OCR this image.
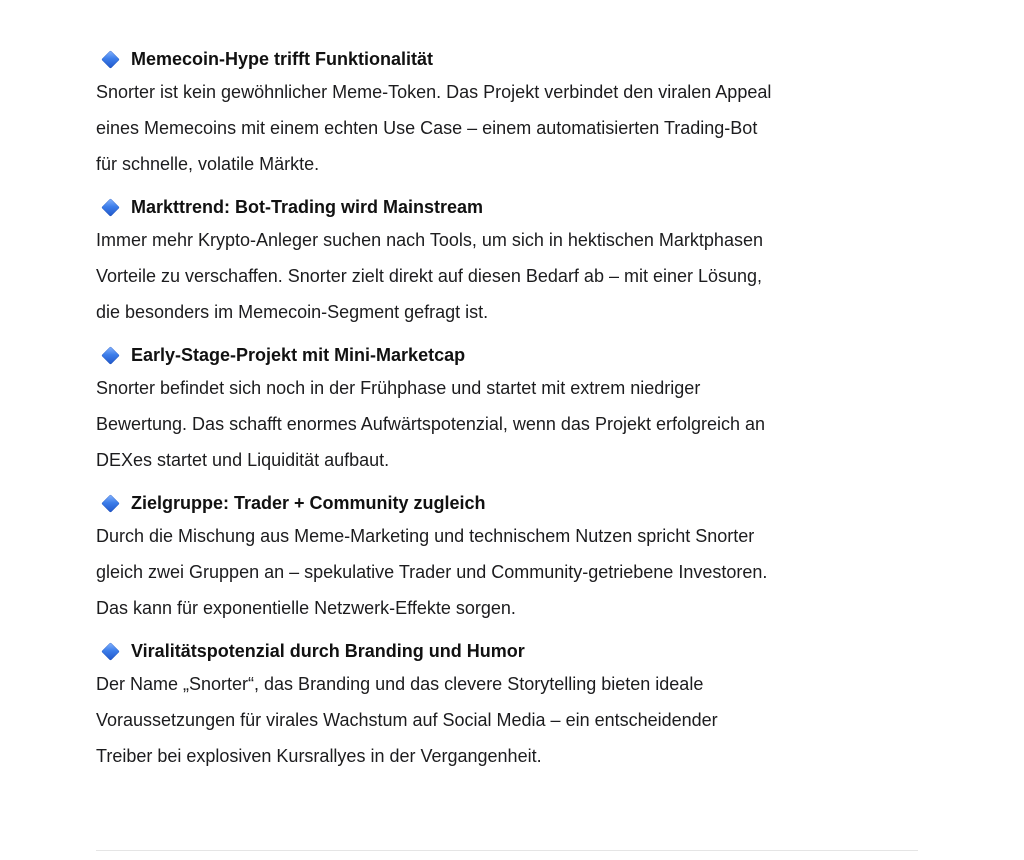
Memecoin-Hype trifft Funktionalität

Snorter ist kein gewöhnlicher Meme-Token. Das Projekt verbindet den viralen Appeal
eines Memecoins mit einem echten Use Case – einem automatisierten Trading-Bot
für schnelle, volatile Märkte.

Markttrend: Bot-Trading wird Mainstream

Immer mehr Krypto-Anleger suchen nach Tools, um sich in hektischen Marktphasen
Vorteile zu verschaffen. Snorter zielt direkt auf diesen Bedarf ab – mit einer Lösung,
die besonders im Memecoin-Segment gefragt ist.

Early-Stage-Projekt mit Mini-Marketcap

Snorter befindet sich noch in der Frühphase und startet mit extrem niedriger
Bewertung. Das schafft enormes Aufwärtspotenzial, wenn das Projekt erfolgreich an
DEXes startet und Liquidität aufbaut.

Zielgruppe: Trader + Community zugleich

Durch die Mischung aus Meme-Marketing und technischem Nutzen spricht Snorter
gleich zwei Gruppen an – spekulative Trader und Community-getriebene Investoren.
Das kann für exponentielle Netzwerk-Effekte sorgen.

Viralitätspotenzial durch Branding und Humor

Der Name „Snorter“, das Branding und das clevere Storytelling bieten ideale
Voraussetzungen für virales Wachstum auf Social Media – ein entscheidender
Treiber bei explosiven Kursrallyes in der Vergangenheit.
